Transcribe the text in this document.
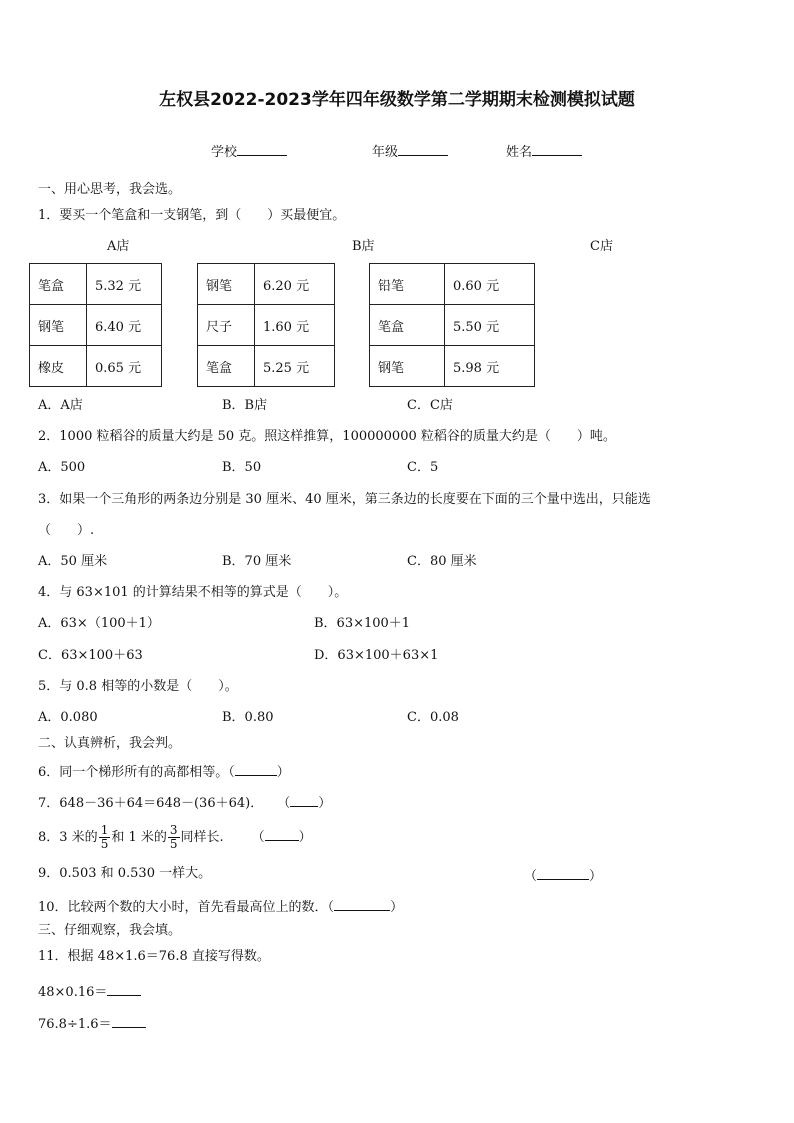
左权县2022-2023学年四年级数学第二学期期末检测模拟试题
学校	年级	姓名
一、用心思考，我会选。
1．要买一个笔盒和一支钢笔，到（　　）买最便宜。
A店	B店	C店
笔盒	5.32 元
钢笔	6.40 元
橡皮	0.65 元
钢笔	6.20 元
尺子	1.60 元
笔盒	5.25 元
铅笔	0.60 元
笔盒	5.50 元
钢笔	5.98 元
A．A店	B．B店	C．C店
2．1000 粒稻谷的质量大约是 50 克。照这样推算，100000000 粒稻谷的质量大约是（　　）吨。
A．500	B．50	C．5
3．如果一个三角形的两条边分别是 30 厘米、40 厘米，第三条边的长度要在下面的三个量中选出，只能选
（　　）.
A．50 厘米	B．70 厘米	C．80 厘米
4．与 63×101 的计算结果不相等的算式是（　　）。
A．63×（100＋1）	B．63×100＋1
C．63×100＋63	D．63×100＋63×1
5．与 0.8 相等的小数是（　　）。
A．0.080	B．0.80	C．0.08
二、认真辨析，我会判。
6．同一个梯形所有的高都相等。（	）
7．648－36＋64＝648－(36＋64)． （ ）
8．3 米的 $\frac{1}{5}$ 和 1 米的 $\frac{3}{5}$ 同样长. （	）
9．0.503 和 0.530 一样大。	（	）
10．比较两个数的大小时，首先看最高位上的数．（	）
三、仔细观察，我会填。
11．根据 48×1.6＝76.8 直接写得数。
48×0.16＝
76.8÷1.6＝
